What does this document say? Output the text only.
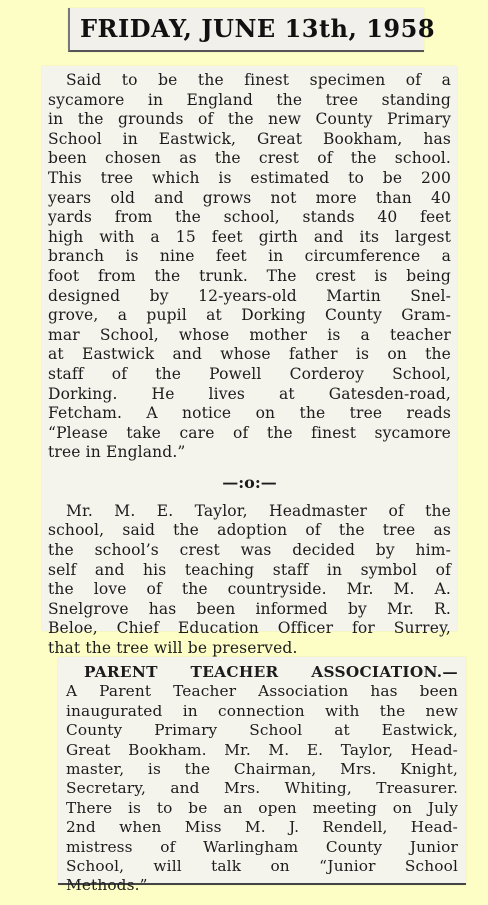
FRIDAY, JUNE 13th, 1958

Said to be the finest specimen of a
sycamore in England the tree standing
in the grounds of the new County Primary
School in Eastwick, Great Bookham, has
been chosen as the crest of the school.
This tree which is estimated to be 200
years old and grows not more than 40
yards from the school, stands 40 feet
high with a 15 feet girth and its largest
branch is nine feet in circumference a
foot from the trunk. The crest is being
designed by 12-years-old Martin Snel-
grove, a pupil at Dorking County Gram-
mar School, whose mother is a teacher
at Eastwick and whose father is on the
staff of the Powell Corderoy School,
Dorking. He lives at Gatesden-road,
Fetcham. A notice on the tree reads
“Please take care of the finest sycamore
tree in England.”

—:o:—

Mr. M. E. Taylor, Headmaster of the
school, said the adoption of the tree as
the school’s crest was decided by him-
self and his teaching staff in symbol of
the love of the countryside. Mr. M. A.
Snelgrove has been informed by Mr. R.
Beloe, Chief Education Officer for Surrey,
that the tree will be preserved.

PARENT TEACHER ASSOCIATION.—
A Parent Teacher Association has been
inaugurated in connection with the new
County Primary School at Eastwick,
Great Bookham. Mr. M. E. Taylor, Head-
master, is the Chairman, Mrs. Knight,
Secretary, and Mrs. Whiting, Treasurer.
There is to be an open meeting on July
2nd when Miss M. J. Rendell, Head-
mistress of Warlingham County Junior
School, will talk on “Junior School
Methods.”
